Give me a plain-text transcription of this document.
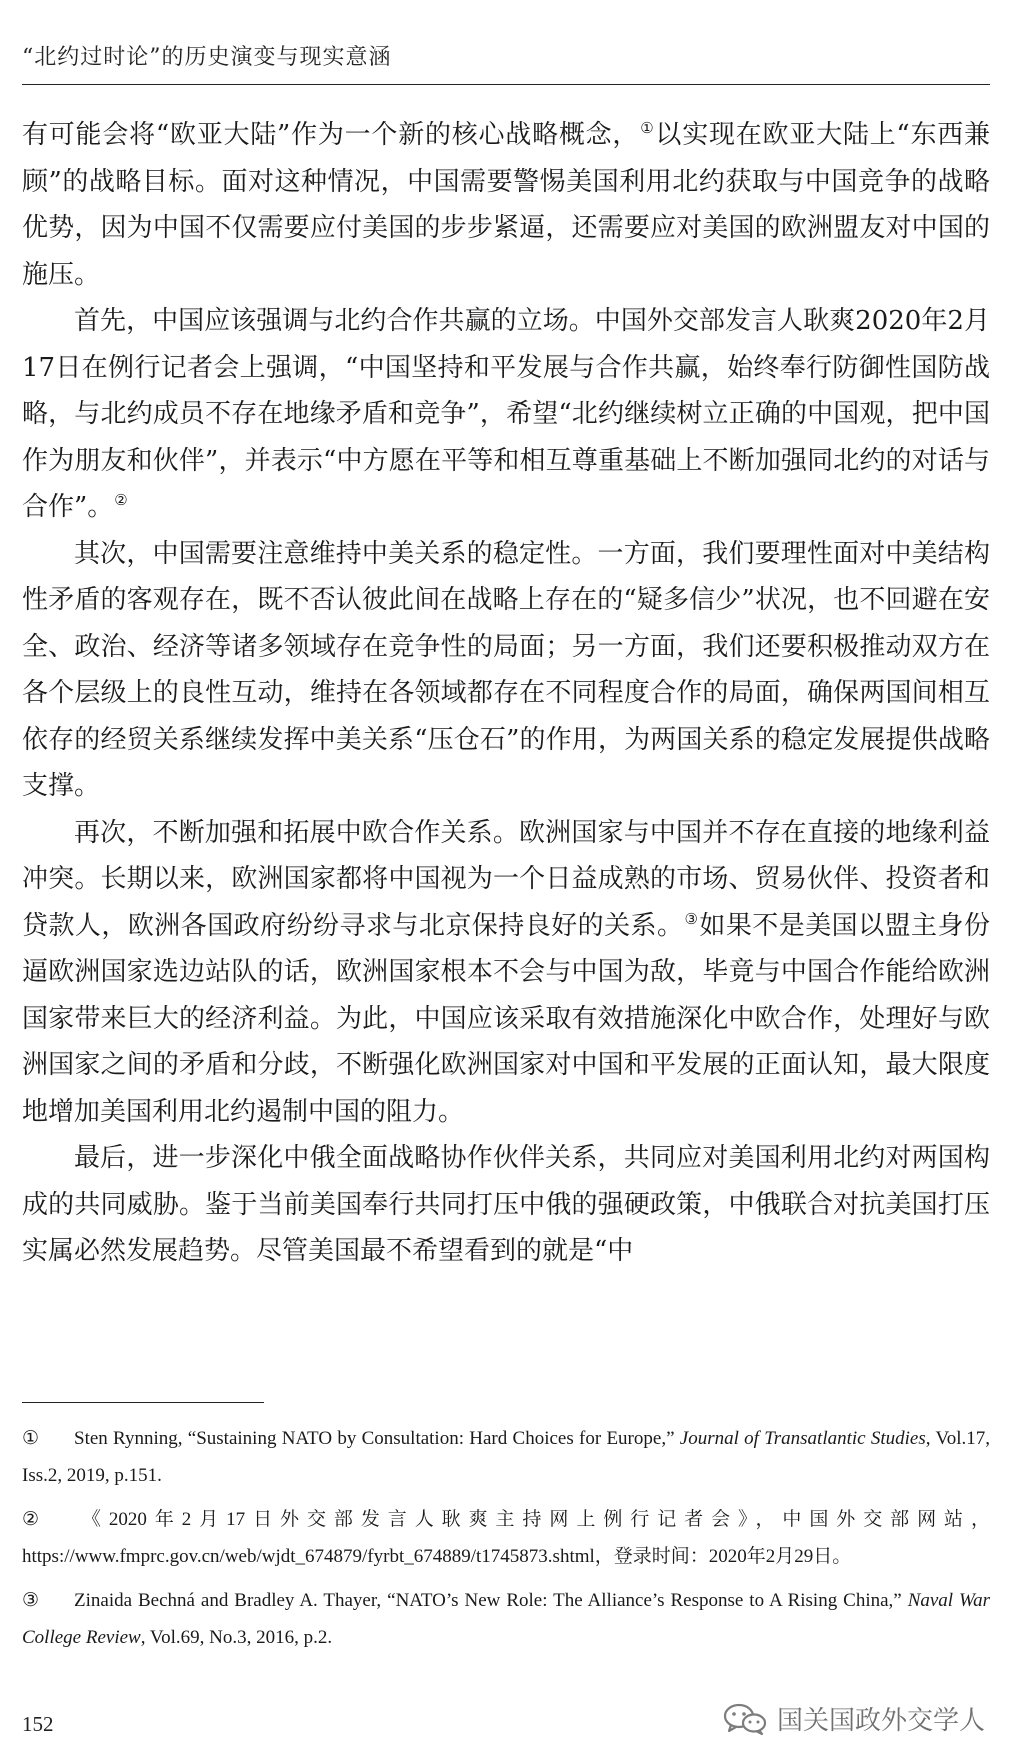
“北约过时论”的历史演变与现实意涵

有可能会将“欧亚大陆”作为一个新的核心战略概念，①以实现在欧亚大陆上“东西兼顾”的战略目标。面对这种情况，中国需要警惕美国利用北约获取与中国竞争的战略优势，因为中国不仅需要应付美国的步步紧逼，还需要应对美国的欧洲盟友对中国的施压。

首先，中国应该强调与北约合作共赢的立场。中国外交部发言人耿爽2020年2月17日在例行记者会上强调，“中国坚持和平发展与合作共赢，始终奉行防御性国防战略，与北约成员不存在地缘矛盾和竞争”，希望“北约继续树立正确的中国观，把中国作为朋友和伙伴”，并表示“中方愿在平等和相互尊重基础上不断加强同北约的对话与合作”。②

其次，中国需要注意维持中美关系的稳定性。一方面，我们要理性面对中美结构性矛盾的客观存在，既不否认彼此间在战略上存在的“疑多信少”状况，也不回避在安全、政治、经济等诸多领域存在竞争性的局面；另一方面，我们还要积极推动双方在各个层级上的良性互动，维持在各领域都存在不同程度合作的局面，确保两国间相互依存的经贸关系继续发挥中美关系“压仓石”的作用，为两国关系的稳定发展提供战略支撑。

再次，不断加强和拓展中欧合作关系。欧洲国家与中国并不存在直接的地缘利益冲突。长期以来，欧洲国家都将中国视为一个日益成熟的市场、贸易伙伴、投资者和贷款人，欧洲各国政府纷纷寻求与北京保持良好的关系。③如果不是美国以盟主身份逼欧洲国家选边站队的话，欧洲国家根本不会与中国为敌，毕竟与中国合作能给欧洲国家带来巨大的经济利益。为此，中国应该采取有效措施深化中欧合作，处理好与欧洲国家之间的矛盾和分歧，不断强化欧洲国家对中国和平发展的正面认知，最大限度地增加美国利用北约遏制中国的阻力。

最后，进一步深化中俄全面战略协作伙伴关系，共同应对美国利用北约对两国构成的共同威胁。鉴于当前美国奉行共同打压中俄的强硬政策，中俄联合对抗美国打压实属必然发展趋势。尽管美国最不希望看到的就是“中

① Sten Rynning, “Sustaining NATO by Consultation: Hard Choices for Europe,” Journal of Transatlantic Studies, Vol.17, Iss.2, 2019, p.151.

② 《2020年2月17日外交部发言人耿爽主持网上例行记者会》，中国外交部网站，https://www.fmprc.gov.cn/web/wjdt_674879/fyrbt_674889/t1745873.shtml，登录时间：2020年2月29日。

③ Zinaida Bechná and Bradley A. Thayer, “NATO’s New Role: The Alliance’s Response to A Rising China,” Naval War College Review, Vol.69, No.3, 2016, p.2.

152	国关国政外交学人
